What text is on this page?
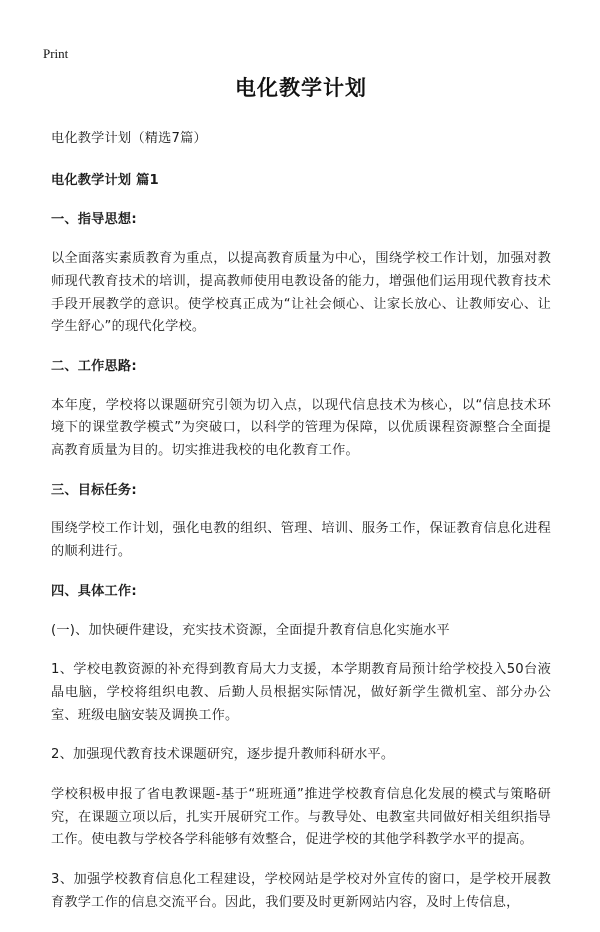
Print
电化教学计划

电化教学计划（精选7篇）

电化教学计划 篇1

一、指导思想:

以全面落实素质教育为重点，以提高教育质量为中心，围绕学校工作计划，加强对教师现代教育技术的培训，提高教师使用电教设备的能力，增强他们运用现代教育技术手段开展教学的意识。使学校真正成为“让社会倾心、让家长放心、让教师安心、让学生舒心”的现代化学校。

二、工作思路:

本年度，学校将以课题研究引领为切入点，以现代信息技术为核心，以“信息技术环境下的课堂教学模式”为突破口，以科学的管理为保障，以优质课程资源整合全面提高教育质量为目的。切实推进我校的电化教育工作。

三、目标任务:

围绕学校工作计划，强化电教的组织、管理、培训、服务工作，保证教育信息化进程的顺利进行。

四、具体工作:

(一)、加快硬件建设，充实技术资源，全面提升教育信息化实施水平

1、学校电教资源的补充得到教育局大力支援，本学期教育局预计给学校投入50台液晶电脑，学校将组织电教、后勤人员根据实际情况，做好新学生微机室、部分办公室、班级电脑安装及调换工作。

2、加强现代教育技术课题研究，逐步提升教师科研水平。

学校积极申报了省电教课题-基于“班班通”推进学校教育信息化发展的模式与策略研究，在课题立项以后，扎实开展研究工作。与教导处、电教室共同做好相关组织指导工作。使电教与学校各学科能够有效整合，促进学校的其他学科教学水平的提高。

3、加强学校教育信息化工程建设，学校网站是学校对外宣传的窗口，是学校开展教育教学工作的信息交流平台。因此，我们要及时更新网站内容，及时上传信息，
